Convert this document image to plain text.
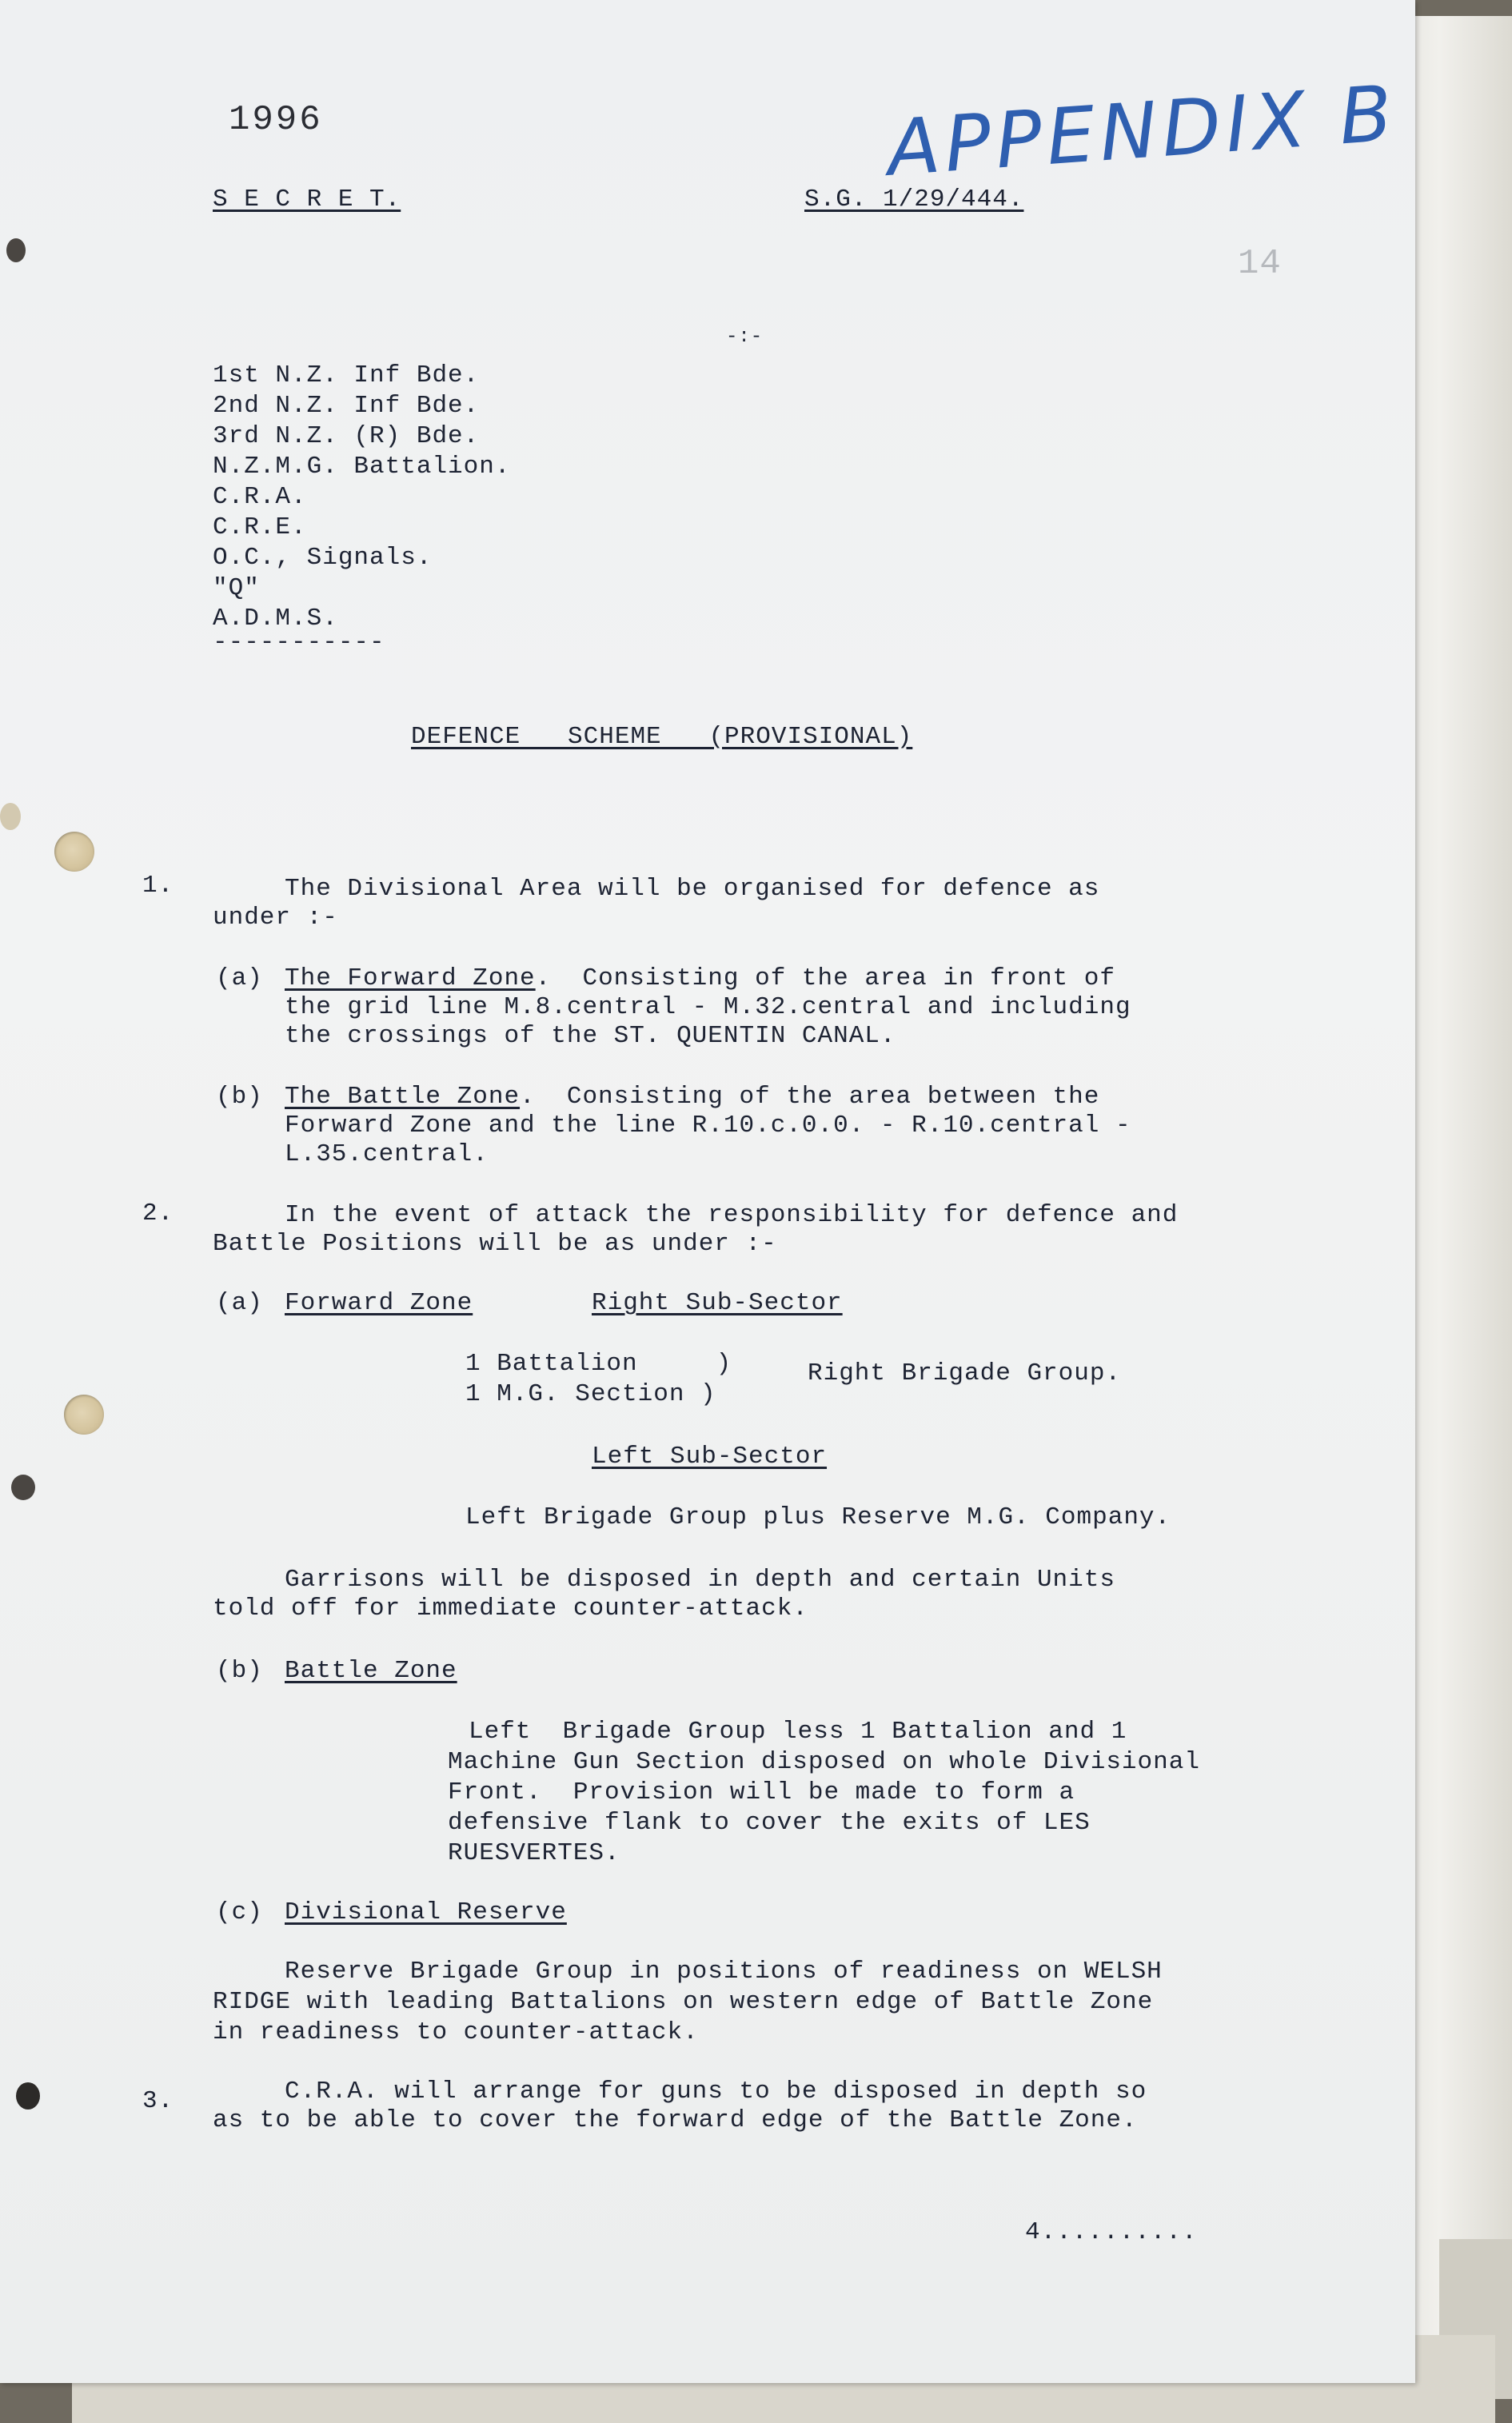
1996	APPENDIX B

S E C R E T.	S.G. 1/29/444.

14

-:-

1st N.Z. Inf Bde.

2nd N.Z. Inf Bde.

3rd N.Z. (R) Bde.

N.Z.M.G. Battalion.

C.R.A.

C.R.E.

O.C., Signals.

"Q"

A.D.M.S.

-----------

DEFENCE   SCHEME   (PROVISIONAL)

1.	The Divisional Area will be organised for defence as

under :-

(a) The Forward Zone.  Consisting of the area in front of

the grid line M.8.central - M.32.central and including

the crossings of the ST. QUENTIN CANAL.

(b) The Battle Zone.  Consisting of the area between the

Forward Zone and the line R.10.c.0.0. - R.10.central -

L.35.central.

2.	In the event of attack the responsibility for defence and

Battle Positions will be as under :-

(a) Forward Zone	Right Sub-Sector

1 Battalion     )

1 M.G. Section )

Right Brigade Group.

Left Sub-Sector

Left Brigade Group plus Reserve M.G. Company.

Garrisons will be disposed in depth and certain Units

told off for immediate counter-attack.

(b) Battle Zone

Left  Brigade Group less 1 Battalion and 1

Machine Gun Section disposed on whole Divisional

Front.  Provision will be made to form a

defensive flank to cover the exits of LES

RUESVERTES.

(c) Divisional Reserve

Reserve Brigade Group in positions of readiness on WELSH

RIDGE with leading Battalions on western edge of Battle Zone

in readiness to counter-attack.

3.	C.R.A. will arrange for guns to be disposed in depth so

as to be able to cover the forward edge of the Battle Zone.

4..........
